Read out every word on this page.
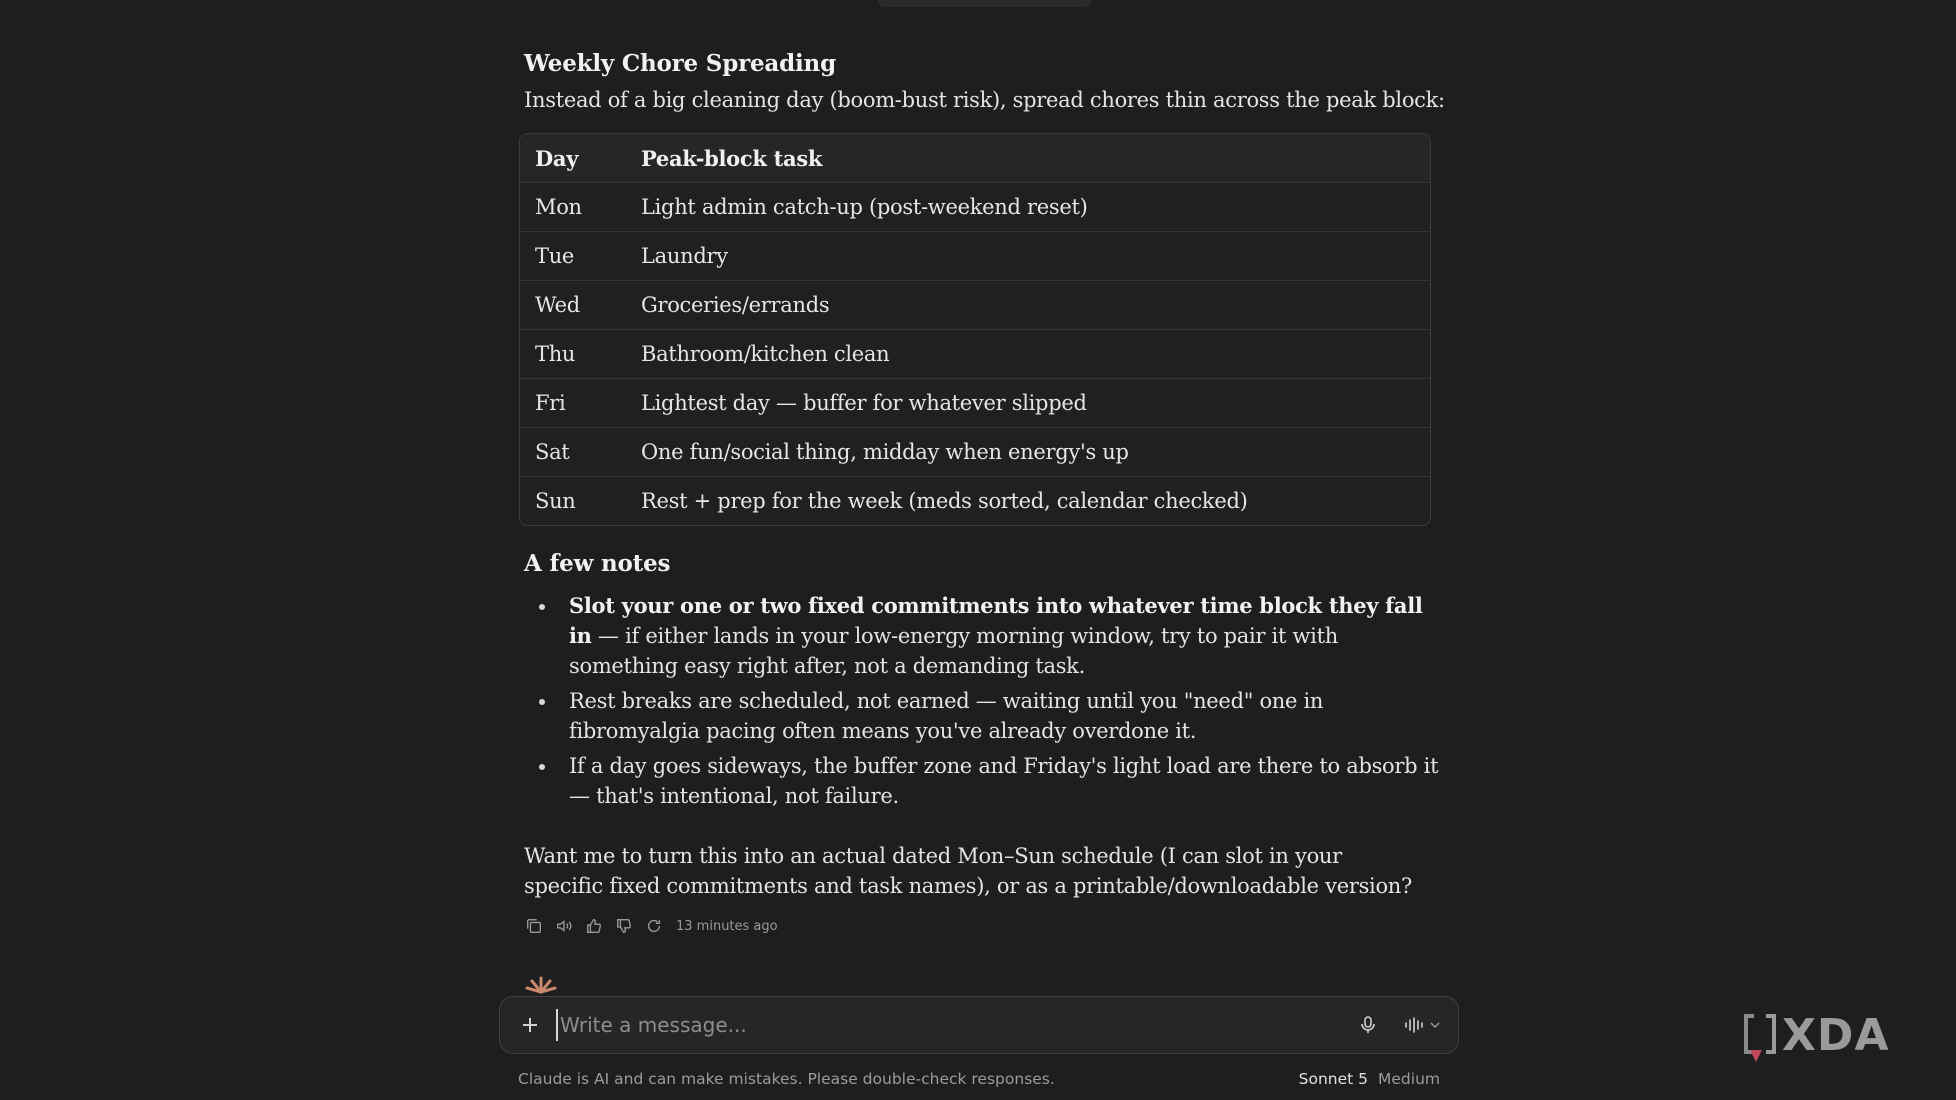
Weekly Chore Spreading

Instead of a big cleaning day (boom-bust risk), spread chores thin across the peak block:

Day	Peak-block task
Mon	Light admin catch-up (post-weekend reset)
Tue	Laundry
Wed	Groceries/errands
Thu	Bathroom/kitchen clean
Fri	Lightest day — buffer for whatever slipped
Sat	One fun/social thing, midday when energy's up
Sun	Rest + prep for the week (meds sorted, calendar checked)
A few notes
Slot your one or two fixed commitments into whatever time block they fall in — if either lands in your low-energy morning window, try to pair it with something easy right after, not a demanding task.
Rest breaks are scheduled, not earned — waiting until you "need" one in fibromyalgia pacing often means you've already overdone it.
If a day goes sideways, the buffer zone and Friday's light load are there to absorb it — that's intentional, not failure.

Want me to turn this into an actual dated Mon–Sun schedule (I can slot in your specific fixed commitments and task names), or as a printable/downloadable version?

13 minutes ago
Write a message...
Claude is AI and can make mistakes. Please double-check responses.	Sonnet 5 Medium
XDA
